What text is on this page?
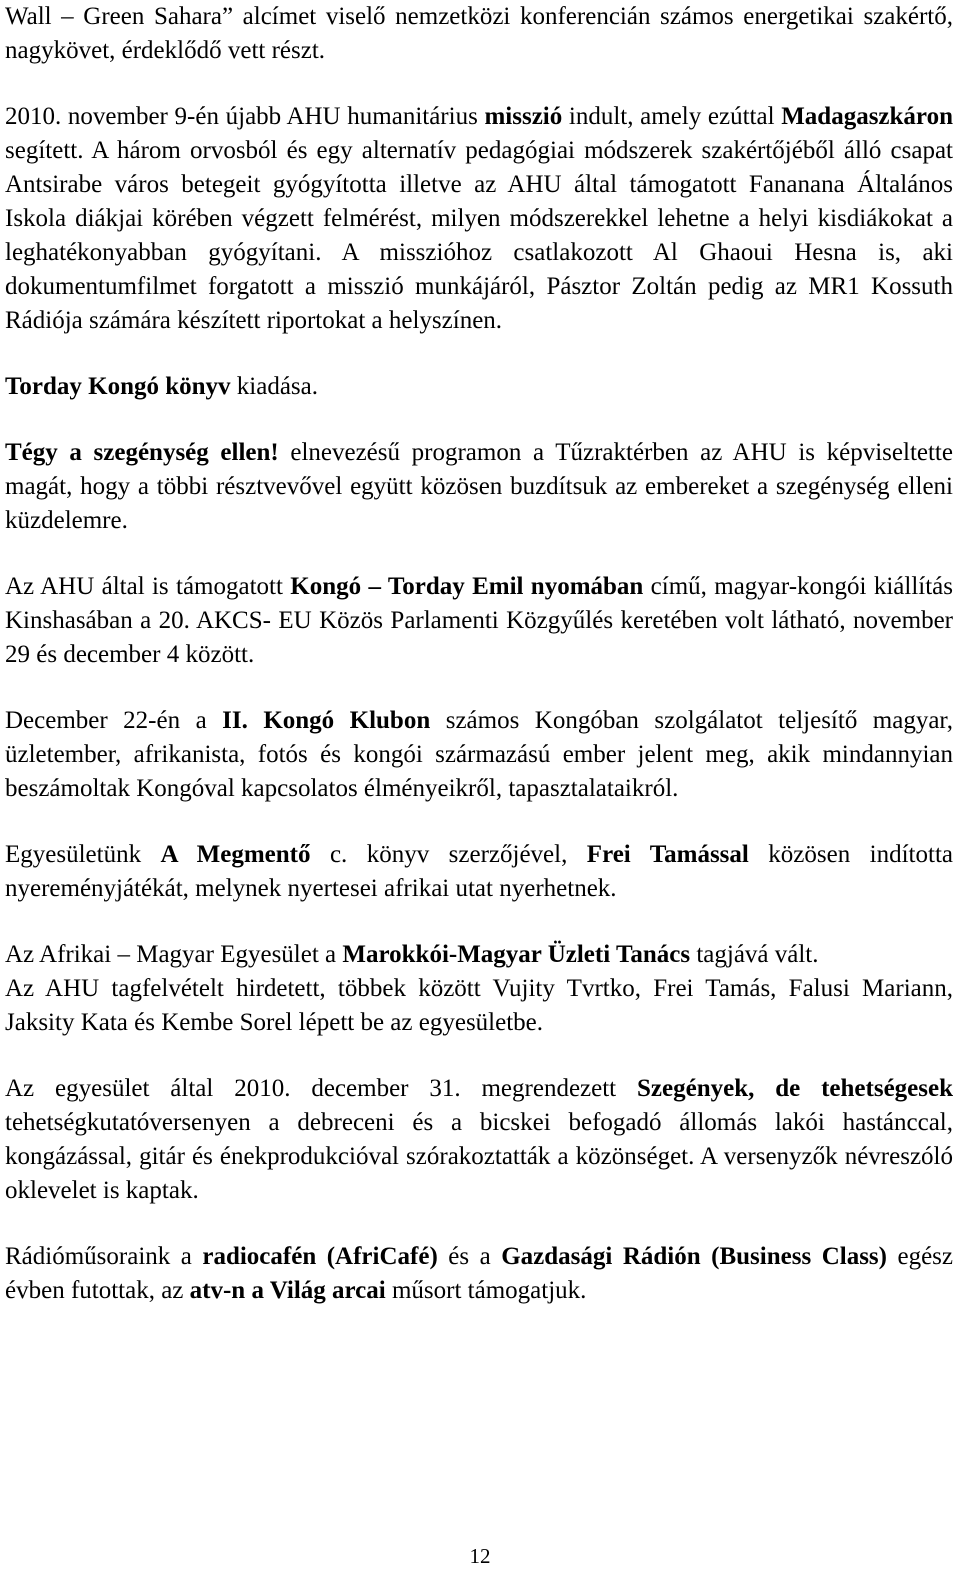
Wall – Green Sahara” alcímet viselő nemzetközi konferencián számos energetikai szakértő, nagykövet, érdeklődő vett részt.

2010. november 9-én újabb AHU humanitárius misszió indult, amely ezúttal Madagaszkáron segített. A három orvosból és egy alternatív pedagógiai módszerek szakértőjéből álló csapat Antsirabe város betegeit gyógyította illetve az AHU által támogatott Fananana Általános Iskola diákjai körében végzett felmérést, milyen módszerekkel lehetne a helyi kisdiákokat a leghatékonyabban gyógyítani. A misszióhoz csatlakozott Al Ghaoui Hesna is, aki dokumentumfilmet forgatott a misszió munkájáról, Pásztor Zoltán pedig az MR1 Kossuth Rádiója számára készített riportokat a helyszínen.

Torday Kongó könyv kiadása.

Tégy a szegénység ellen! elnevezésű programon a Tűzraktérben az AHU is képviseltette magát, hogy a többi résztvevővel együtt közösen buzdítsuk az embereket a szegénység elleni küzdelemre.

Az AHU által is támogatott Kongó – Torday Emil nyomában című, magyar-kongói kiállítás Kinshasában a 20. AKCS- EU Közös Parlamenti Közgyűlés keretében volt látható, november 29 és december 4 között.

December 22-én a II. Kongó Klubon számos Kongóban szolgálatot teljesítő magyar, üzletember, afrikanista, fotós és kongói származású ember jelent meg, akik mindannyian beszámoltak Kongóval kapcsolatos élményeikről, tapasztalataikról.

Egyesületünk A Megmentő c. könyv szerzőjével, Frei Tamással közösen indította nyereményjátékát, melynek nyertesei afrikai utat nyerhetnek.

Az Afrikai – Magyar Egyesület a Marokkói-Magyar Üzleti Tanács tagjává vált.

Az AHU tagfelvételt hirdetett, többek között Vujity Tvrtko, Frei Tamás, Falusi Mariann, Jaksity Kata és Kembe Sorel lépett be az egyesületbe.

Az egyesület által 2010. december 31. megrendezett Szegények, de tehetségesek tehetségkutatóversenyen a debreceni és a bicskei befogadó állomás lakói hastánccal, kongázással, gitár és énekprodukcióval szórakoztatták a közönséget. A versenyzők névreszóló oklevelet is kaptak.

Rádióműsoraink a radiocafén (AfriCafé) és a Gazdasági Rádión (Business Class) egész évben futottak, az atv-n a Világ arcai műsort támogatjuk.

12
